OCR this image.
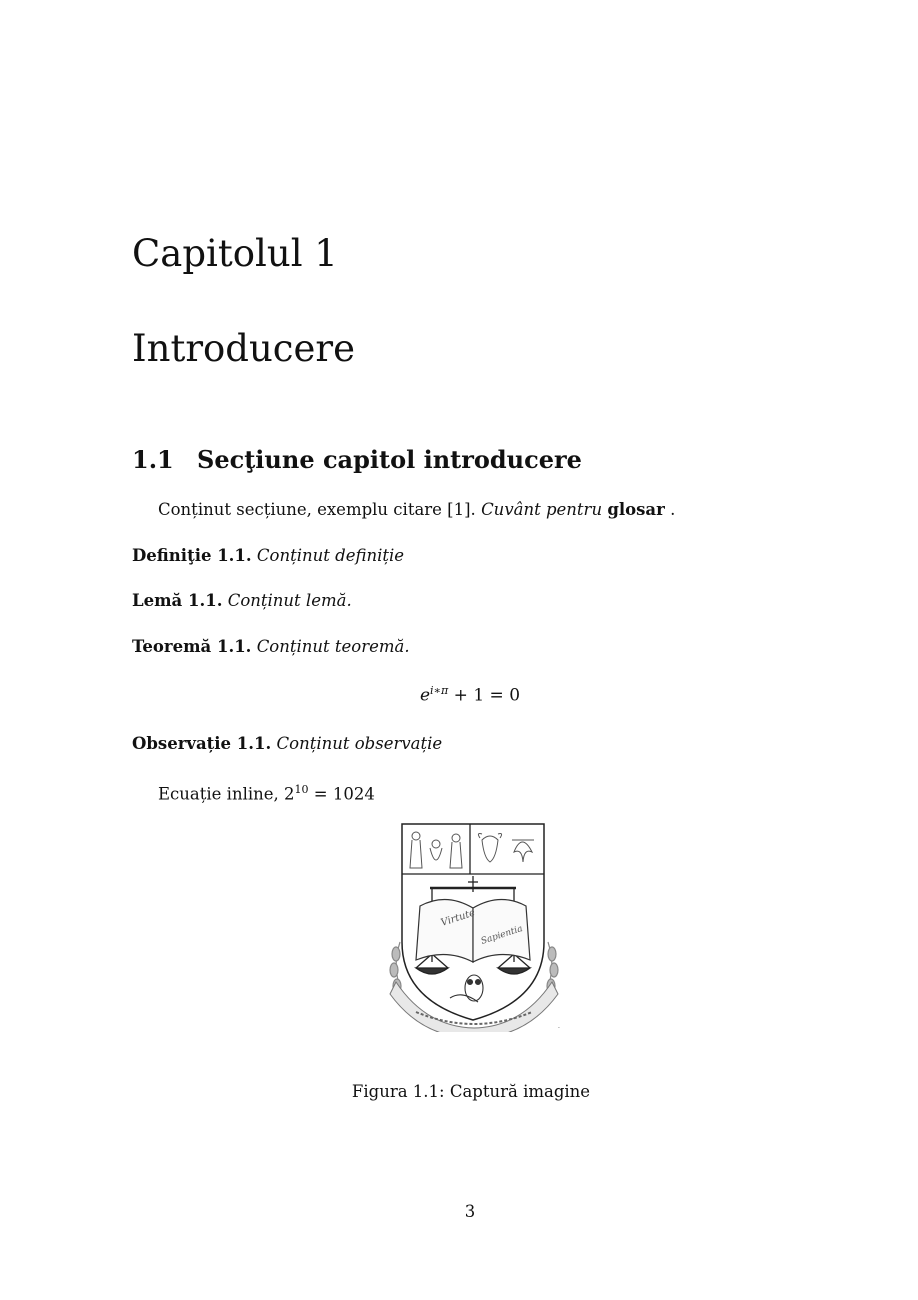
Capitolul 1
Introducere
1.1 Secţiune capitol introducere
Conținut secțiune, exemplu citare [1]. Cuvânt pentru glosar .
Definiţie 1.1. Conținut definiție
Lemă 1.1. Conținut lemă.
Teoremă 1.1. Conținut teoremă.
$e^{i∗\pi} + 1 = 0$
Observație 1.1. Conținut observație
Ecuație inline, $2^{10} = 1024$
Virtute
Sapientia
.
Figura 1.1: Captură imagine
3
